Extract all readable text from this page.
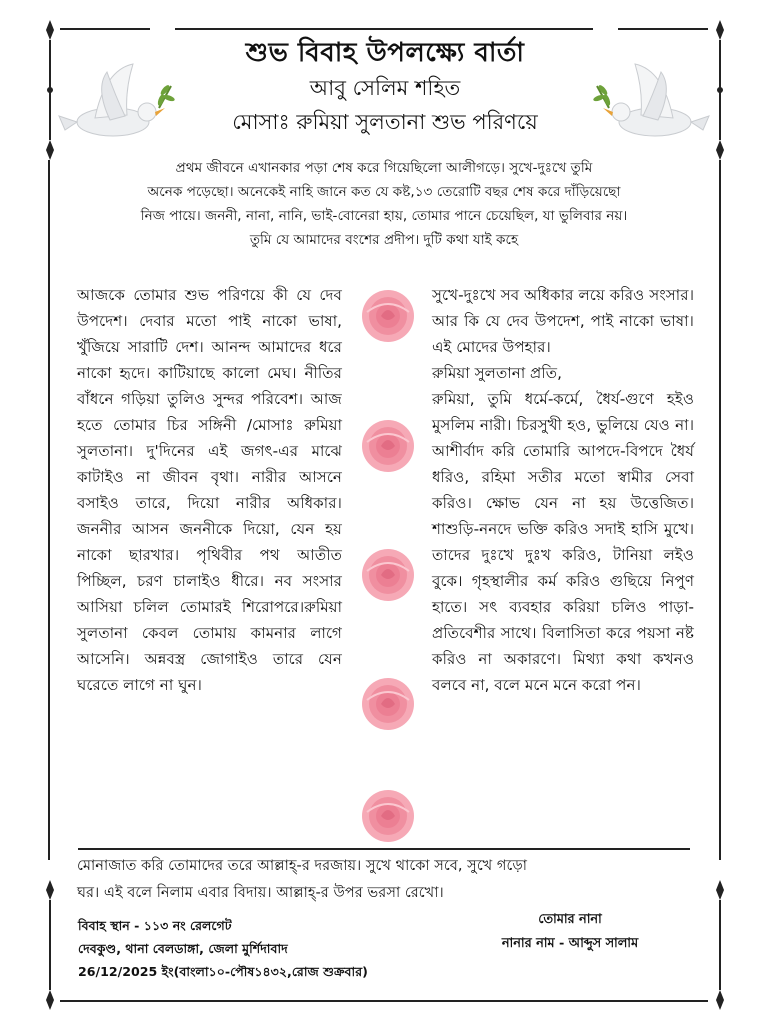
শুভ বিবাহ উপলক্ষ্যে বার্তা
আবু সেলিম শহিত
মোসাঃ রুমিয়া সুলতানা শুভ পরিণয়ে
প্রথম জীবনে এখানকার পড়া শেষ করে গিয়েছিলো আলীগড়ে। সুখে-দুঃখে তুমি
অনেক পড়েছো। অনেকেই নাহি জানে কত যে কষ্ট,১৩ তেরোটি বছর শেষ করে দাঁড়িয়েছো
নিজ পায়ে। জননী, নানা, নানি, ভাই-বোনেরা হায়, তোমার পানে চেয়েছিল, যা ভুলিবার নয়।
তুমি যে আমাদের বংশের প্রদীপ। দুটি কথা যাই কহে

আজকে তোমার শুভ পরিণয়ে কী যে দেব উপদেশ। দেবার মতো পাই নাকো ভাষা, খুঁজিয়ে সারাটি দেশ। আনন্দ আমাদের ধরে নাকো হৃদে। কাটিয়াছে কালো মেঘ। নীতির বাঁধনে গড়িয়া তুলিও সুন্দর পরিবেশ। আজ হতে তোমার চির সঙ্গিনী /মোসাঃ রুমিয়া সুলতানা। দু'দিনের এই জগৎ-এর মাঝে কাটাইও না জীবন বৃথা। নারীর আসনে বসাইও তারে, দিয়ো নারীর অধিকার। জননীর আসন জননীকে দিয়ো, যেন হয় নাকো ছারখার। পৃথিবীর পথ আতীত পিচ্ছিল, চরণ চালাইও ধীরে। নব সংসার আসিয়া চলিল তোমারই শিরোপরে।রুমিয়া সুলতানা কেবল তোমায় কামনার লাগে আসেনি। অন্নবস্ত্র জোগাইও তারে যেন ঘরেতে লাগে না ঘুন।

সুখে-দুঃখে সব অধিকার লয়ে করিও সংসার। আর কি যে দেব উপদেশ, পাই নাকো ভাষা। এই মোদের উপহার।

রুমিয়া সুলতানা প্রতি,

রুমিয়া, তুমি ধর্মে-কর্মে, ধৈর্য-গুণে হইও মুসলিম নারী। চিরসুখী হও, ভুলিয়ে যেও না। আশীর্বাদ করি তোমারি আপদে-বিপদে ধৈর্য ধরিও, রহিমা সতীর মতো স্বামীর সেবা করিও। ক্ষোভ যেন না হয় উত্তেজিত। শাশুড়ি-ননদে ভক্তি করিও সদাই হাসি মুখে। তাদের দুঃখে দুঃখ করিও, টানিয়া লইও বুকে। গৃহস্থালীর কর্ম করিও গুছিয়ে নিপুণ হাতে। সৎ ব্যবহার করিয়া চলিও পাড়া-প্রতিবেশীর সাথে। বিলাসিতা করে পয়সা নষ্ট করিও না অকারণে। মিথ্যা কথা কখনও বলবে না, বলে মনে মনে করো পন।

মোনাজাত করি তোমাদের তরে আল্লাহ্-র দরজায়। সুখে থাকো সবে, সুখে গড়ো
ঘর। এই বলে নিলাম এবার বিদায়। আল্লাহ্-র উপর ভরসা রেখো।
বিবাহ স্থান - ১১৩ নং রেলগেট
দেবকুণ্ড, থানা বেলডাঙ্গা, জেলা মুর্শিদাবাদ
26/12/2025 ইং(বাংলা১০-পৌষ১৪৩২,রোজ শুক্রবার)
তোমার নানা
নানার নাম - আব্দুস সালাম
